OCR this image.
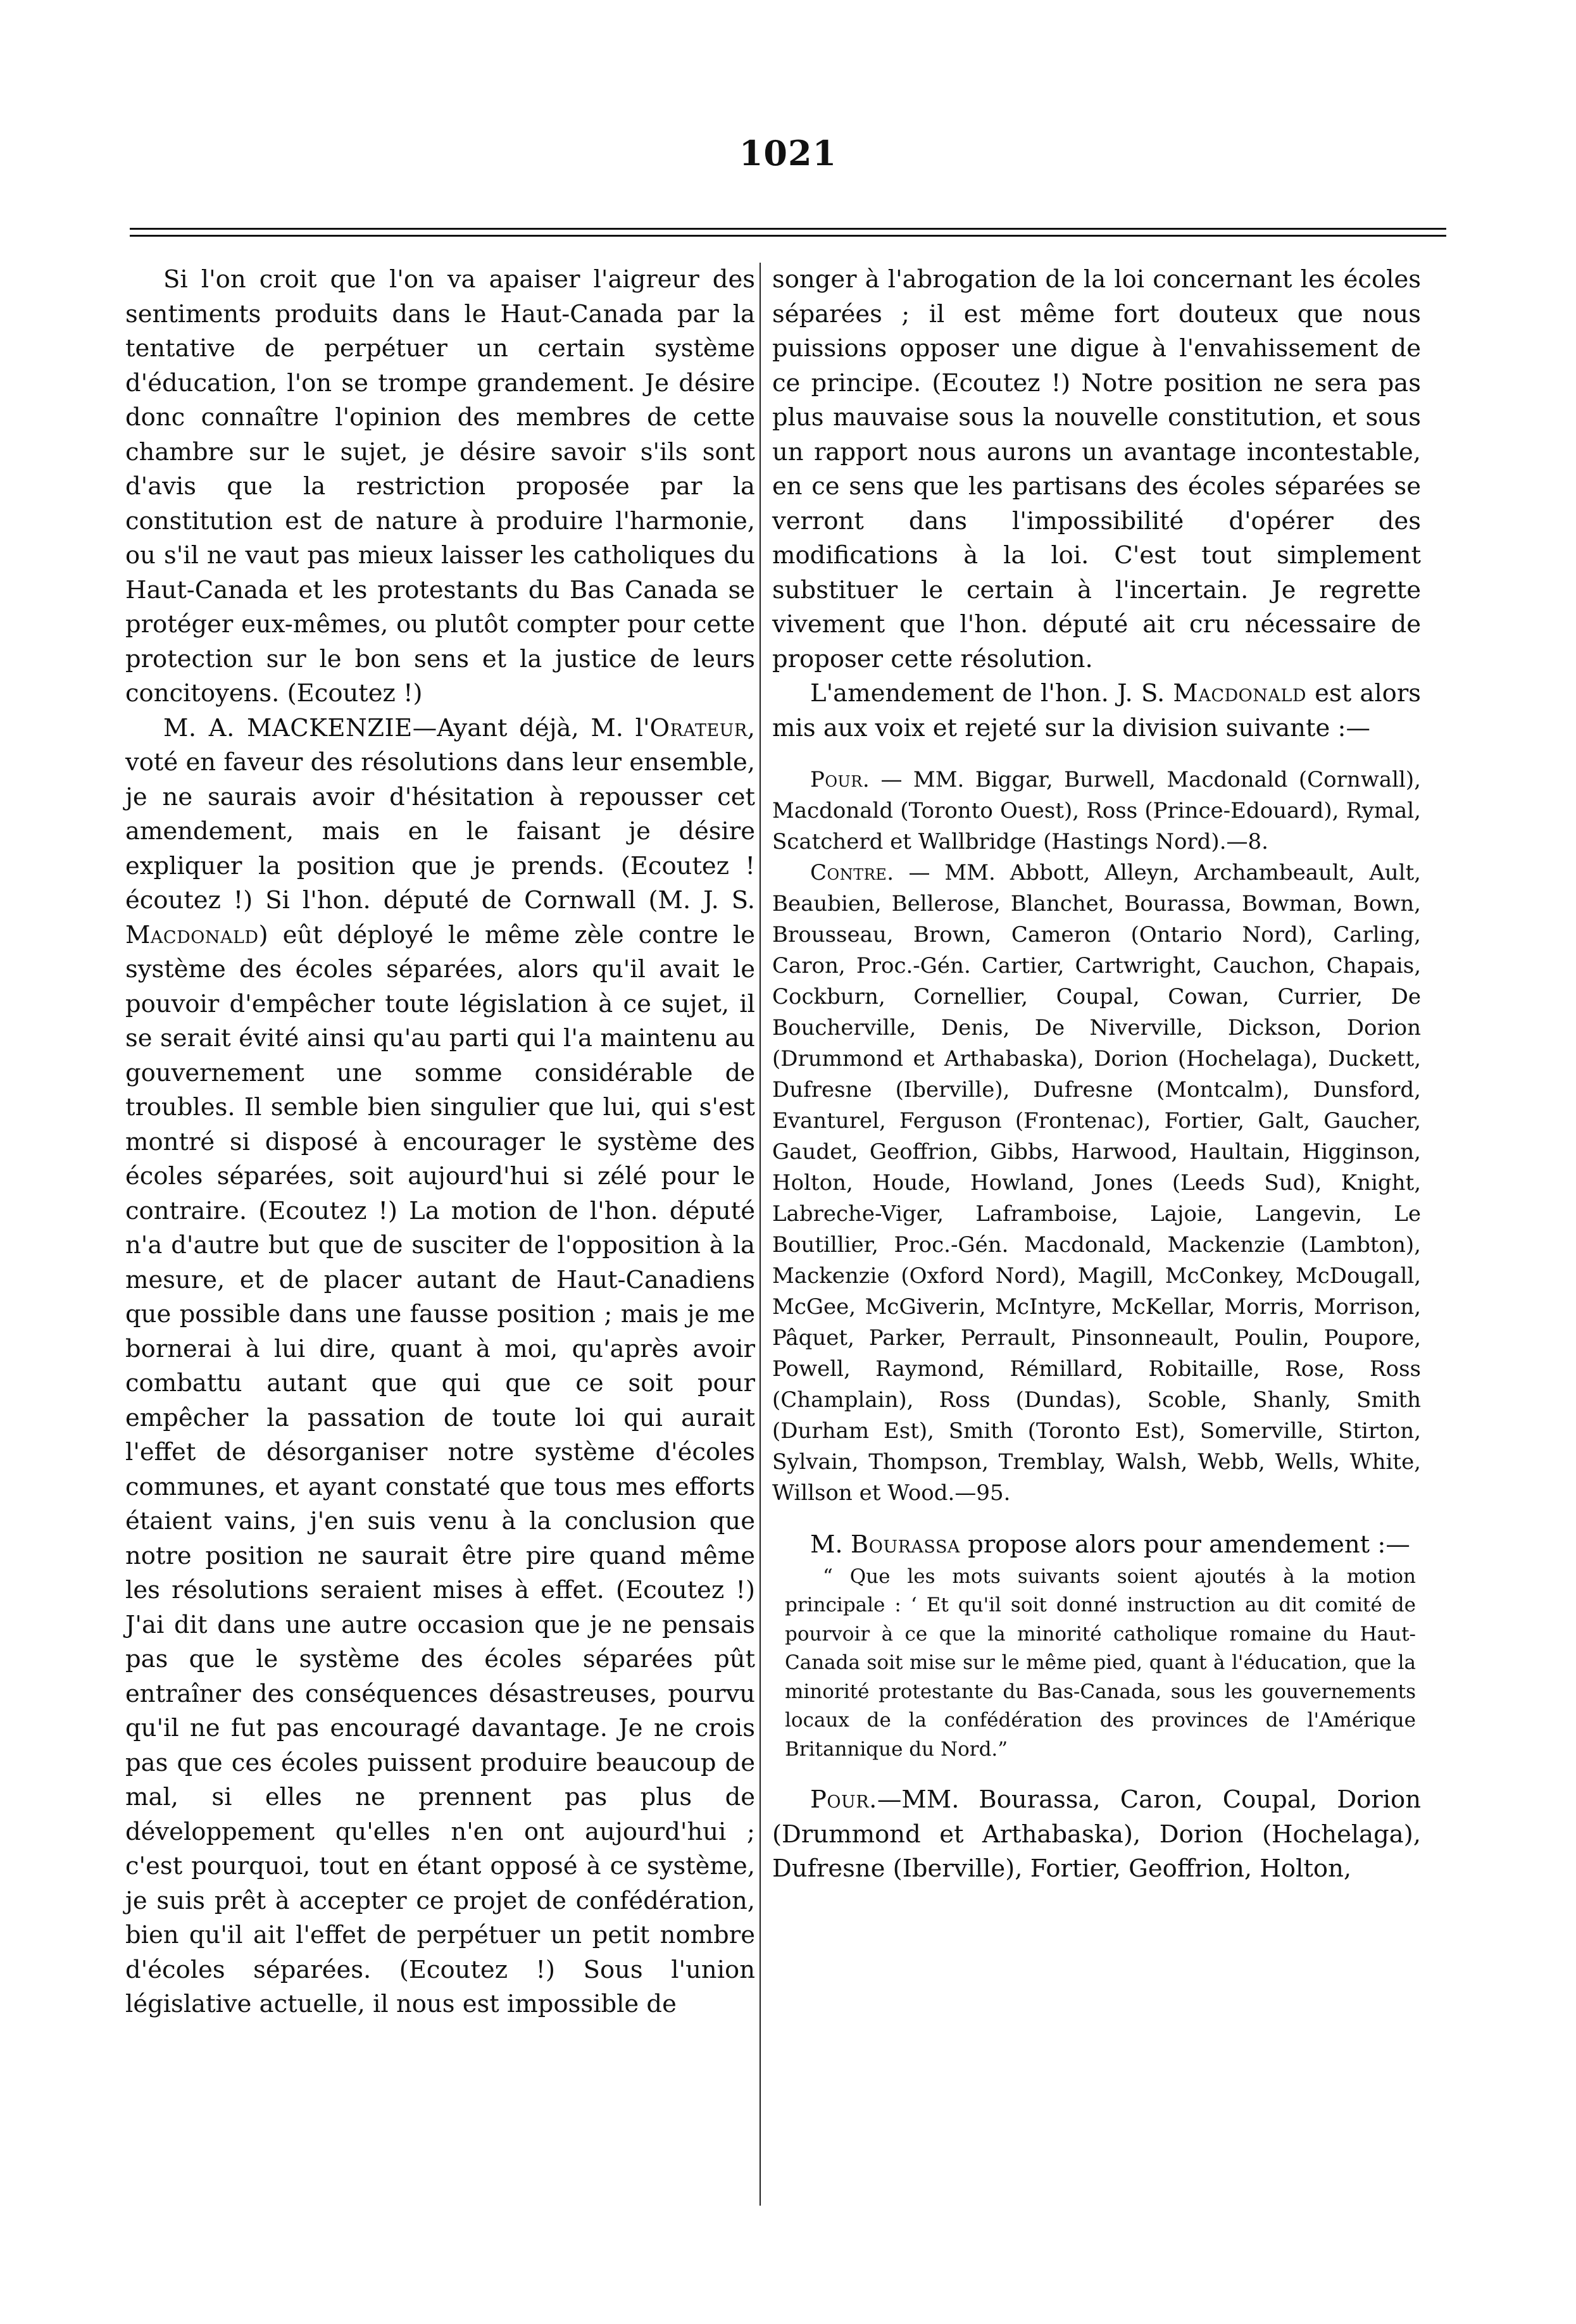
1021

Si l'on croit que l'on va apaiser l'aigreur des sentiments produits dans le Haut-Canada par la tentative de perpétuer un certain système d'éducation, l'on se trompe grandement. Je désire donc connaître l'opinion des membres de cette chambre sur le sujet, je désire savoir s'ils sont d'avis que la restriction proposée par la constitution est de nature à produire l'harmonie, ou s'il ne vaut pas mieux laisser les catholiques du Haut-Canada et les protestants du Bas Canada se protéger eux-mêmes, ou plutôt compter pour cette protection sur le bon sens et la justice de leurs concitoyens. (Ecoutez !)

M. A. MACKENZIE—Ayant déjà, M. l'Orateur, voté en faveur des résolutions dans leur ensemble, je ne saurais avoir d'hésitation à repousser cet amendement, mais en le faisant je désire expliquer la position que je prends. (Ecoutez ! écoutez !) Si l'hon. député de Cornwall (M. J. S. Macdonald) eût déployé le même zèle contre le système des écoles séparées, alors qu'il avait le pouvoir d'empêcher toute législation à ce sujet, il se serait évité ainsi qu'au parti qui l'a maintenu au gouvernement une somme considérable de troubles. Il semble bien singulier que lui, qui s'est montré si disposé à encourager le système des écoles séparées, soit aujourd'hui si zélé pour le contraire. (Ecoutez !) La motion de l'hon. député n'a d'autre but que de susciter de l'opposition à la mesure, et de placer autant de Haut-Canadiens que possible dans une fausse position ; mais je me bornerai à lui dire, quant à moi, qu'après avoir combattu autant que qui que ce soit pour empêcher la passation de toute loi qui aurait l'effet de désorganiser notre système d'écoles communes, et ayant constaté que tous mes efforts étaient vains, j'en suis venu à la conclusion que notre position ne saurait être pire quand même les résolutions seraient mises à effet. (Ecoutez !) J'ai dit dans une autre occasion que je ne pensais pas que le système des écoles séparées pût entraîner des conséquences désastreuses, pourvu qu'il ne fut pas encouragé davantage. Je ne crois pas que ces écoles puissent produire beaucoup de mal, si elles ne prennent pas plus de développement qu'elles n'en ont aujourd'hui ; c'est pourquoi, tout en étant opposé à ce système, je suis prêt à accepter ce projet de confédération, bien qu'il ait l'effet de perpétuer un petit nombre d'écoles séparées. (Ecoutez !) Sous l'union législative actuelle, il nous est impossible de

songer à l'abrogation de la loi concernant les écoles séparées ; il est même fort douteux que nous puissions opposer une digue à l'envahissement de ce principe. (Ecoutez !) Notre position ne sera pas plus mauvaise sous la nouvelle constitution, et sous un rapport nous aurons un avantage incontestable, en ce sens que les partisans des écoles séparées se verront dans l'impossibilité d'opérer des modifications à la loi. C'est tout simplement substituer le certain à l'incertain. Je regrette vivement que l'hon. député ait cru nécessaire de proposer cette résolution.

L'amendement de l'hon. J. S. Macdonald est alors mis aux voix et rejeté sur la division suivante :—

Pour. — MM. Biggar, Burwell, Macdonald (Cornwall), Macdonald (Toronto Ouest), Ross (Prince-Edouard), Rymal, Scatcherd et Wallbridge (Hastings Nord).—8.

Contre. — MM. Abbott, Alleyn, Archambeault, Ault, Beaubien, Bellerose, Blanchet, Bourassa, Bowman, Bown, Brousseau, Brown, Cameron (Ontario Nord), Carling, Caron, Proc.-Gén. Cartier, Cartwright, Cauchon, Chapais, Cockburn, Cornellier, Coupal, Cowan, Currier, De Boucherville, Denis, De Niverville, Dickson, Dorion (Drummond et Arthabaska), Dorion (Hochelaga), Duckett, Dufresne (Iberville), Dufresne (Montcalm), Dunsford, Evanturel, Ferguson (Frontenac), Fortier, Galt, Gaucher, Gaudet, Geoffrion, Gibbs, Harwood, Haultain, Higginson, Holton, Houde, Howland, Jones (Leeds Sud), Knight, Labreche-Viger, Laframboise, Lajoie, Langevin, Le Boutillier, Proc.-Gén. Macdonald, Mackenzie (Lambton), Mackenzie (Oxford Nord), Magill, McConkey, McDougall, McGee, McGiverin, McIntyre, McKellar, Morris, Morrison, Pâquet, Parker, Perrault, Pinsonneault, Poulin, Poupore, Powell, Raymond, Rémillard, Robitaille, Rose, Ross (Champlain), Ross (Dundas), Scoble, Shanly, Smith (Durham Est), Smith (Toronto Est), Somerville, Stirton, Sylvain, Thompson, Tremblay, Walsh, Webb, Wells, White, Willson et Wood.—95.

M. Bourassa propose alors pour amendement :—

“ Que les mots suivants soient ajoutés à la motion principale : ‘ Et qu'il soit donné instruction au dit comité de pourvoir à ce que la minorité catholique romaine du Haut-Canada soit mise sur le même pied, quant à l'éducation, que la minorité protestante du Bas-Canada, sous les gouvernements locaux de la confédération des provinces de l'Amérique Britannique du Nord.”

Pour.—MM. Bourassa, Caron, Coupal, Dorion (Drummond et Arthabaska), Dorion (Hochelaga), Dufresne (Iberville), Fortier, Geoffrion, Holton,
